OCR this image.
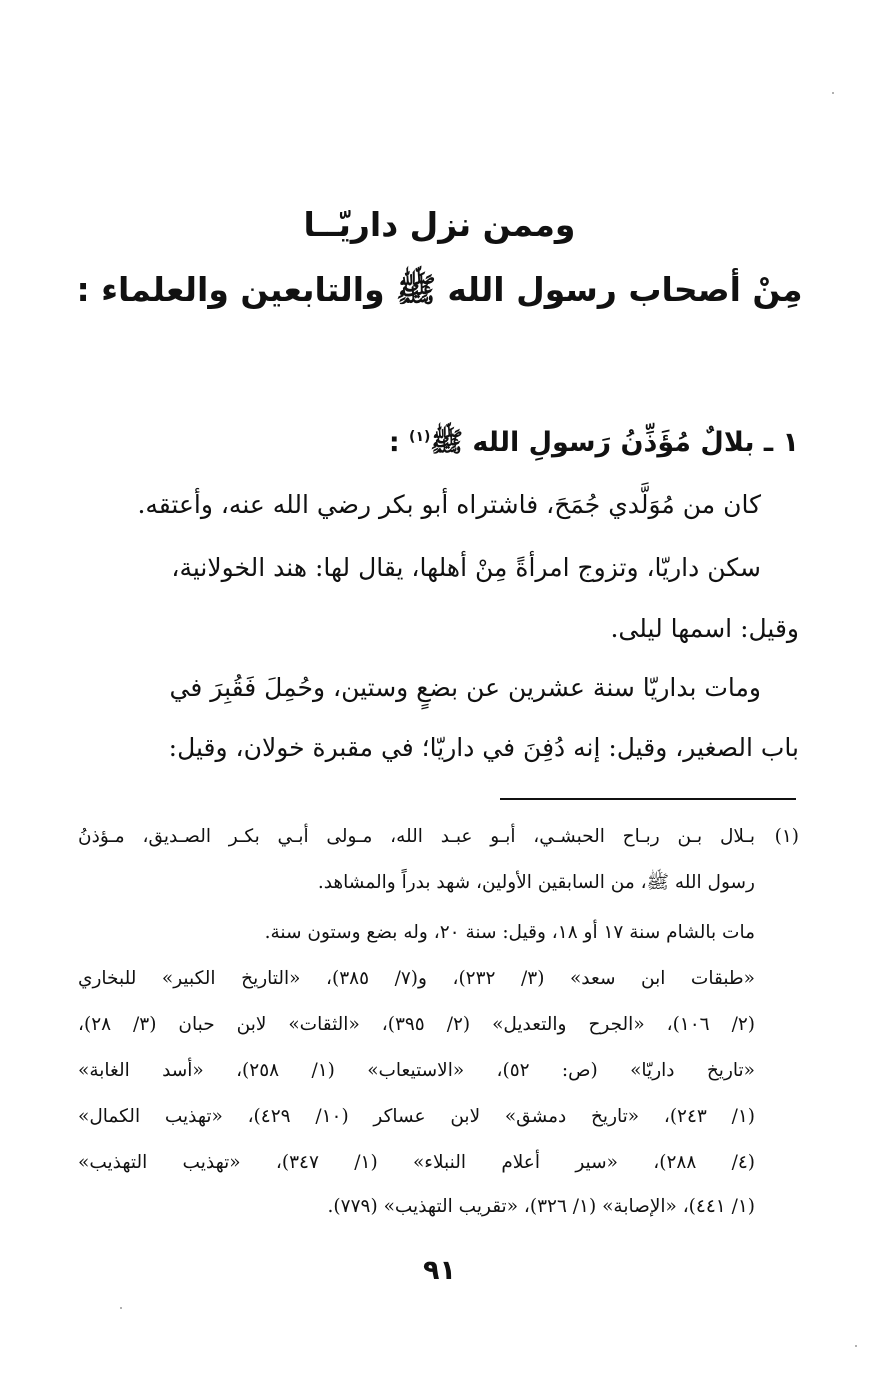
وممن نزل داريّــا
مِنْ أصحاب رسول الله ﷺ والتابعين والعلماء :
١ ـ بلالٌ مُؤَذِّنُ رَسولِ الله ﷺ$^{(١)}$ :
كان من مُوَلَّدي جُمَحَ، فاشتراه أبو بكر رضي الله عنه، وأعتقه.
سكن داريّا، وتزوج امرأةً مِنْ أهلها، يقال لها: هند الخولانية،
وقيل: اسمها ليلى.
ومات بداريّا سنة عشرين عن بضعٍ وستين، وحُمِلَ فَقُبِرَ في
باب الصغير، وقيل: إنه دُفِنَ في داريّا؛ في مقبرة خولان، وقيل:
(١)
بـلال بـن ربـاح الحبشـي، أبـو عبـد الله، مـولى أبـي بكـر الصـديق، مـؤذنُ
رسول الله ﷺ، من السابقين الأولين، شهد بدراً والمشاهد.
مات بالشام سنة ١٧ أو ١٨، وقيل: سنة ٢٠، وله بضع وستون سنة.
«طبقات ابن سعد» (٣/ ٢٣٢)، و(٧/ ٣٨٥)، «التاريخ الكبير» للبخاري
(٢/ ١٠٦)، «الجرح والتعديل» (٢/ ٣٩٥)، «الثقات» لابن حبان (٣/ ٢٨)،
«تاريخ داريّا» (ص: ٥٢)، «الاستيعاب» (١/ ٢٥٨)، «أسد الغابة»
(١/ ٢٤٣)، «تاريخ دمشق» لابن عساكر (١٠/ ٤٢٩)، «تهذيب الكمال»
(٤/ ٢٨٨)، «سير أعلام النبلاء» (١/ ٣٤٧)، «تهذيب التهذيب»
(١/ ٤٤١)، «الإصابة» (١/ ٣٢٦)، «تقريب التهذيب» (٧٧٩).
٩١
